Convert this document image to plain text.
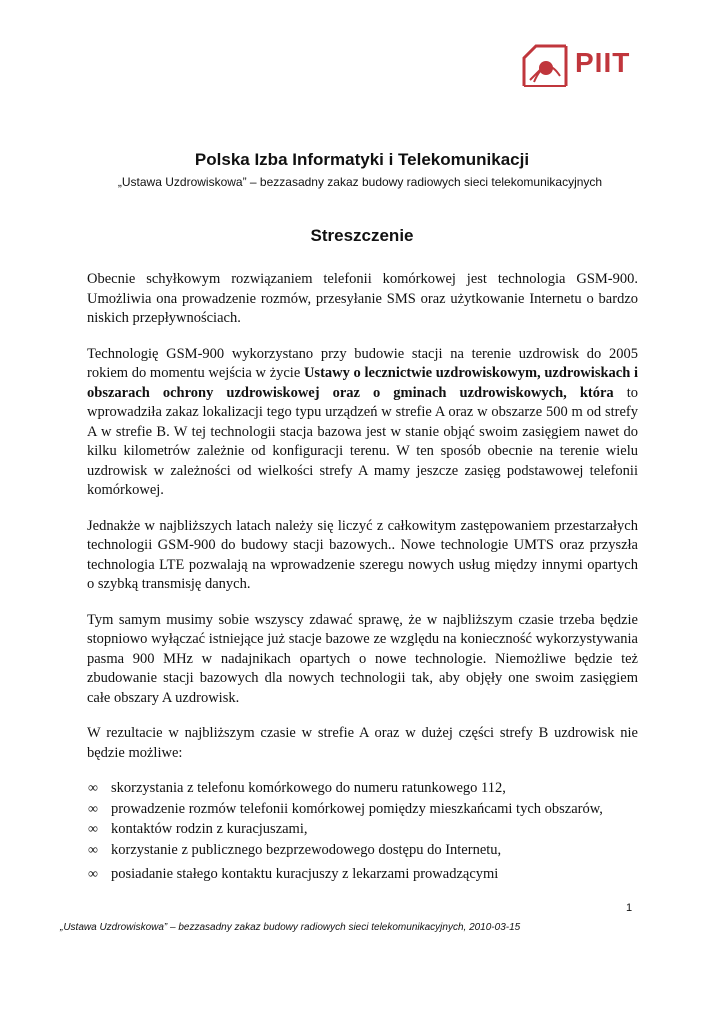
PIIT
Polska Izba Informatyki i Telekomunikacji
„Ustawa Uzdrowiskowa” – bezzasadny zakaz budowy radiowych sieci telekomunikacyjnych
Streszczenie

Obecnie schyłkowym rozwiązaniem telefonii komórkowej jest technologia GSM-900. Umożliwia ona prowadzenie rozmów, przesyłanie SMS oraz użytkowanie Internetu o bardzo niskich przepływnościach.

Technologię GSM-900 wykorzystano przy budowie stacji na terenie uzdrowisk do 2005 rokiem do momentu wejścia w życie Ustawy o lecznictwie uzdrowiskowym, uzdrowiskach i obszarach ochrony uzdrowiskowej oraz o gminach uzdrowiskowych, która to wprowadziła zakaz lokalizacji tego typu urządzeń w strefie A oraz w obszarze 500 m od strefy A w strefie B. W tej technologii stacja bazowa jest w stanie objąć swoim zasięgiem nawet do kilku kilometrów zależnie od konfiguracji terenu. W ten sposób obecnie na terenie wielu uzdrowisk w zależności od wielkości strefy A mamy jeszcze zasięg podstawowej telefonii komórkowej.

Jednakże w najbliższych latach należy się liczyć z całkowitym zastępowaniem przestarzałych technologii GSM-900 do budowy stacji bazowych.. Nowe technologie UMTS oraz przyszła technologia LTE pozwalają na wprowadzenie szeregu nowych usług między innymi opartych o szybką transmisję danych.

Tym samym musimy sobie wszyscy zdawać sprawę, że w najbliższym czasie trzeba będzie stopniowo wyłączać istniejące już stacje bazowe ze względu na konieczność wykorzystywania pasma 900 MHz w nadajnikach opartych o nowe technologie. Niemożliwe będzie też zbudowanie stacji bazowych dla nowych technologii tak, aby objęły one swoim zasięgiem całe obszary A uzdrowisk.

W rezultacie w najbliższym czasie w strefie A oraz w dużej części strefy B uzdrowisk nie będzie możliwe:

∞ skorzystania z telefonu komórkowego do numeru ratunkowego 112,
∞ prowadzenie rozmów telefonii komórkowej pomiędzy mieszkańcami tych obszarów,
∞ kontaktów rodzin z kuracjuszami,
∞ korzystanie z publicznego bezprzewodowego dostępu do Internetu,
∞ posiadanie stałego kontaktu kuracjuszy z lekarzami prowadzącymi
1
„Ustawa Uzdrowiskowa” – bezzasadny zakaz budowy radiowych sieci telekomunikacyjnych, 2010-03-15
